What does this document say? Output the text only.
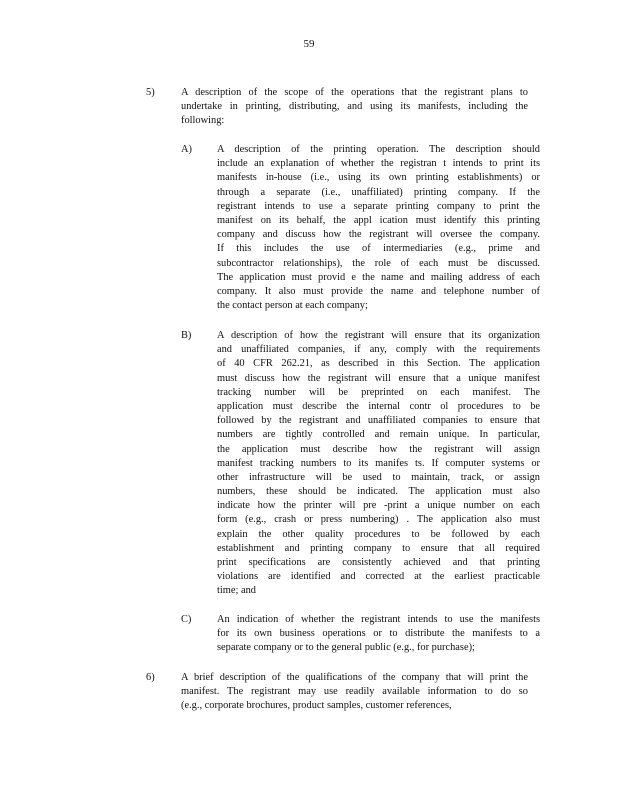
59
5)	A description of the scope of the operations that the registrant plans to
undertake in printing, distributing, and using its manifests, including the
following:
A) A description of the printing operation. The description should
include an explanation of whether the registran t intends to print its
manifests in-house (i.e., using its own printing establishments) or
through a separate (i.e., unaffiliated) printing company. If the
registrant intends to use a separate printing company to print the
manifest on its behalf, the appl ication must identify this printing
company and discuss how the registrant will oversee the company.
If this includes the use of intermediaries (e.g., prime and
subcontractor relationships), the role of each must be discussed.
The application must provid e the name and mailing address of each
company. It also must provide the name and telephone number of
the contact person at each company;
B) A description of how the registrant will ensure that its organization
and unaffiliated companies, if any, comply with the requirements
of 40 CFR 262.21, as described in this Section. The application
must discuss how the registrant will ensure that a unique manifest
tracking number will be preprinted on each manifest. The
application must describe the internal contr ol procedures to be
followed by the registrant and unaffiliated companies to ensure that
numbers are tightly controlled and remain unique. In particular,
the application must describe how the registrant will assign
manifest tracking numbers to its manifes ts. If computer systems or
other infrastructure will be used to maintain, track, or assign
numbers, these should be indicated. The application must also
indicate how the printer will pre -print a unique number on each
form (e.g., crash or press numbering) . The application also must
explain the other quality procedures to be followed by each
establishment and printing company to ensure that all required
print specifications are consistently achieved and that printing
violations are identified and corrected at the earliest practicable
time; and
C) An indication of whether the registrant intends to use the manifests
for its own business operations or to distribute the manifests to a
separate company or to the general public (e.g., for purchase);
6)	A brief description of the qualifications of the company that will print the
manifest. The registrant may use readily available information to do so
(e.g., corporate brochures, product samples, customer references,
